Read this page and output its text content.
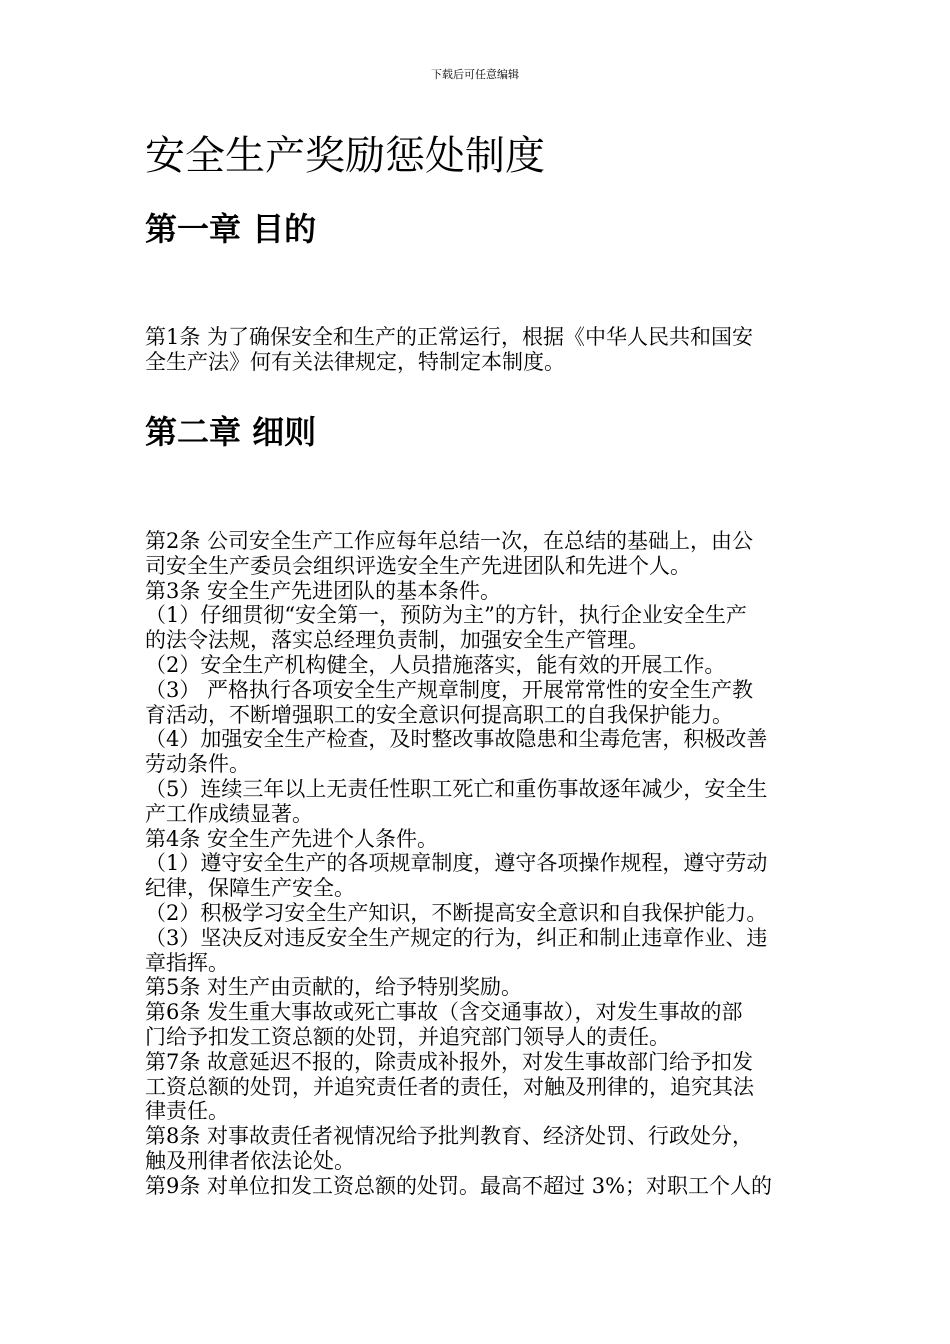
下载后可任意编辑
安全生产奖励惩处制度
第一章 目的
第1条 为了确保安全和生产的正常运行，根据《中华人民共和国安
全生产法》何有关法律规定，特制定本制度。
第二章 细则
第2条 公司安全生产工作应每年总结一次，在总结的基础上，由公
司安全生产委员会组织评选安全生产先进团队和先进个人。
第3条 安全生产先进团队的基本条件。
（1）仔细贯彻“安全第一，预防为主”的方针，执行企业安全生产
的法令法规，落实总经理负责制，加强安全生产管理。
（2）安全生产机构健全，人员措施落实，能有效的开展工作。
（3） 严格执行各项安全生产规章制度，开展常常性的安全生产教
育活动，不断增强职工的安全意识何提高职工的自我保护能力。
（4）加强安全生产检查，及时整改事故隐患和尘毒危害，积极改善
劳动条件。
（5）连续三年以上无责任性职工死亡和重伤事故逐年减少，安全生
产工作成绩显著。
第4条 安全生产先进个人条件。
（1）遵守安全生产的各项规章制度，遵守各项操作规程，遵守劳动
纪律，保障生产安全。
（2）积极学习安全生产知识，不断提高安全意识和自我保护能力。
（3）坚决反对违反安全生产规定的行为，纠正和制止违章作业、违
章指挥。
第5条 对生产由贡献的，给予特别奖励。
第6条 发生重大事故或死亡事故（含交通事故），对发生事故的部
门给予扣发工资总额的处罚，并追究部门领导人的责任。
第7条 故意延迟不报的，除责成补报外，对发生事故部门给予扣发
工资总额的处罚，并追究责任者的责任，对触及刑律的，追究其法
律责任。
第8条 对事故责任者视情况给予批判教育、经济处罚、行政处分，
触及刑律者依法论处。
第9条 对单位扣发工资总额的处罚。最高不超过 3%；对职工个人的
